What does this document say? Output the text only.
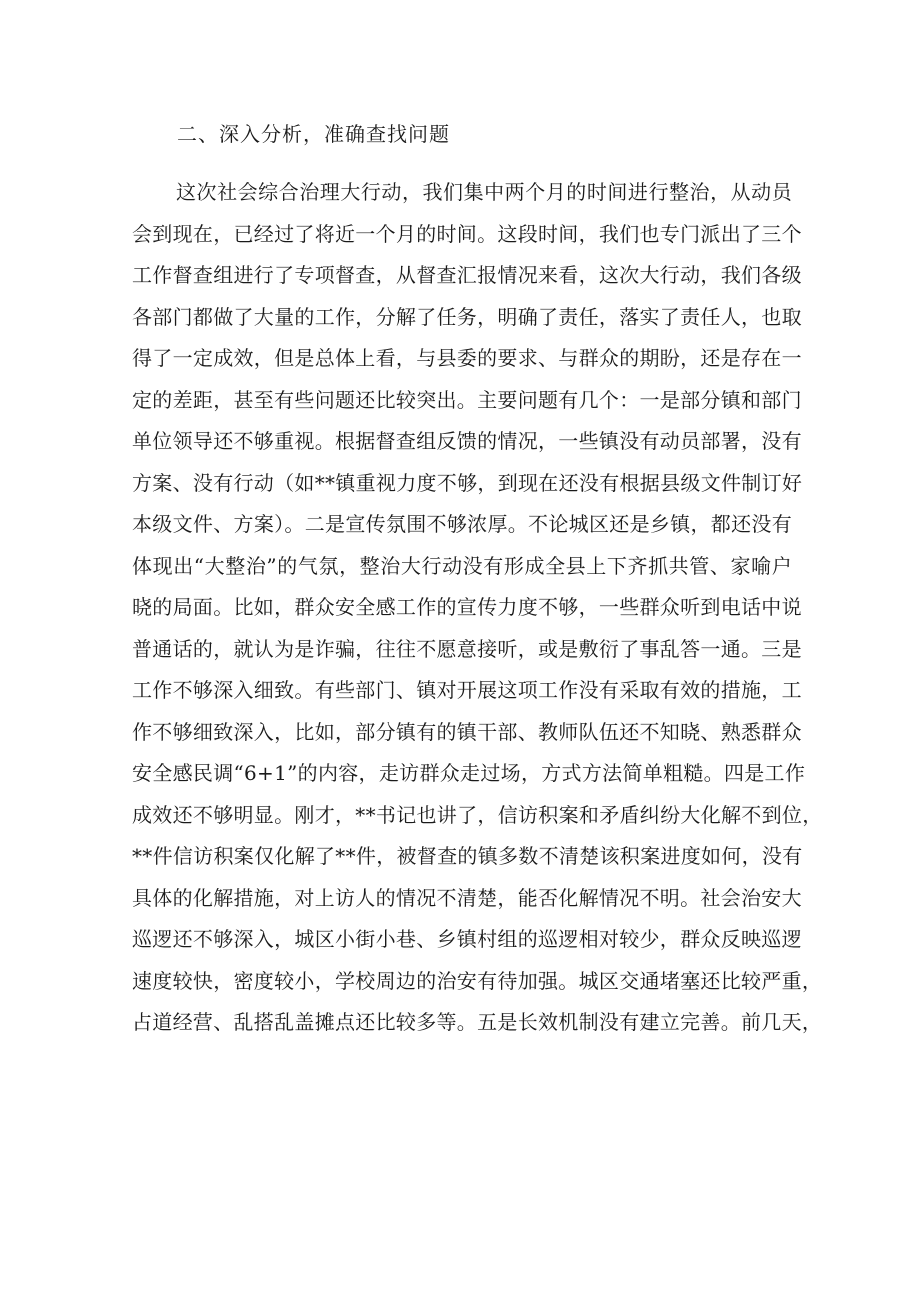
二、深入分析，准确查找问题
这次社会综合治理大行动，我们集中两个月的时间进行整治，从动员
会到现在，已经过了将近一个月的时间。这段时间，我们也专门派出了三个
工作督查组进行了专项督查，从督查汇报情况来看，这次大行动，我们各级
各部门都做了大量的工作，分解了任务，明确了责任，落实了责任人，也取
得了一定成效，但是总体上看，与县委的要求、与群众的期盼，还是存在一
定的差距，甚至有些问题还比较突出。主要问题有几个：一是部分镇和部门
单位领导还不够重视。根据督查组反馈的情况，一些镇没有动员部署，没有
方案、没有行动（如**镇重视力度不够，到现在还没有根据县级文件制订好
本级文件、方案）。二是宣传氛围不够浓厚。不论城区还是乡镇，都还没有
体现出“大整治”的气氛，整治大行动没有形成全县上下齐抓共管、家喻户
晓的局面。比如，群众安全感工作的宣传力度不够，一些群众听到电话中说
普通话的，就认为是诈骗，往往不愿意接听，或是敷衍了事乱答一通。三是
工作不够深入细致。有些部门、镇对开展这项工作没有采取有效的措施，工
作不够细致深入，比如，部分镇有的镇干部、教师队伍还不知晓、熟悉群众
安全感民调“6+1”的内容，走访群众走过场，方式方法简单粗糙。四是工作
成效还不够明显。刚才，**书记也讲了，信访积案和矛盾纠纷大化解不到位，
**件信访积案仅化解了**件，被督查的镇多数不清楚该积案进度如何，没有
具体的化解措施，对上访人的情况不清楚，能否化解情况不明。社会治安大
巡逻还不够深入，城区小街小巷、乡镇村组的巡逻相对较少，群众反映巡逻
速度较快，密度较小，学校周边的治安有待加强。城区交通堵塞还比较严重，
占道经营、乱搭乱盖摊点还比较多等。五是长效机制没有建立完善。前几天，
